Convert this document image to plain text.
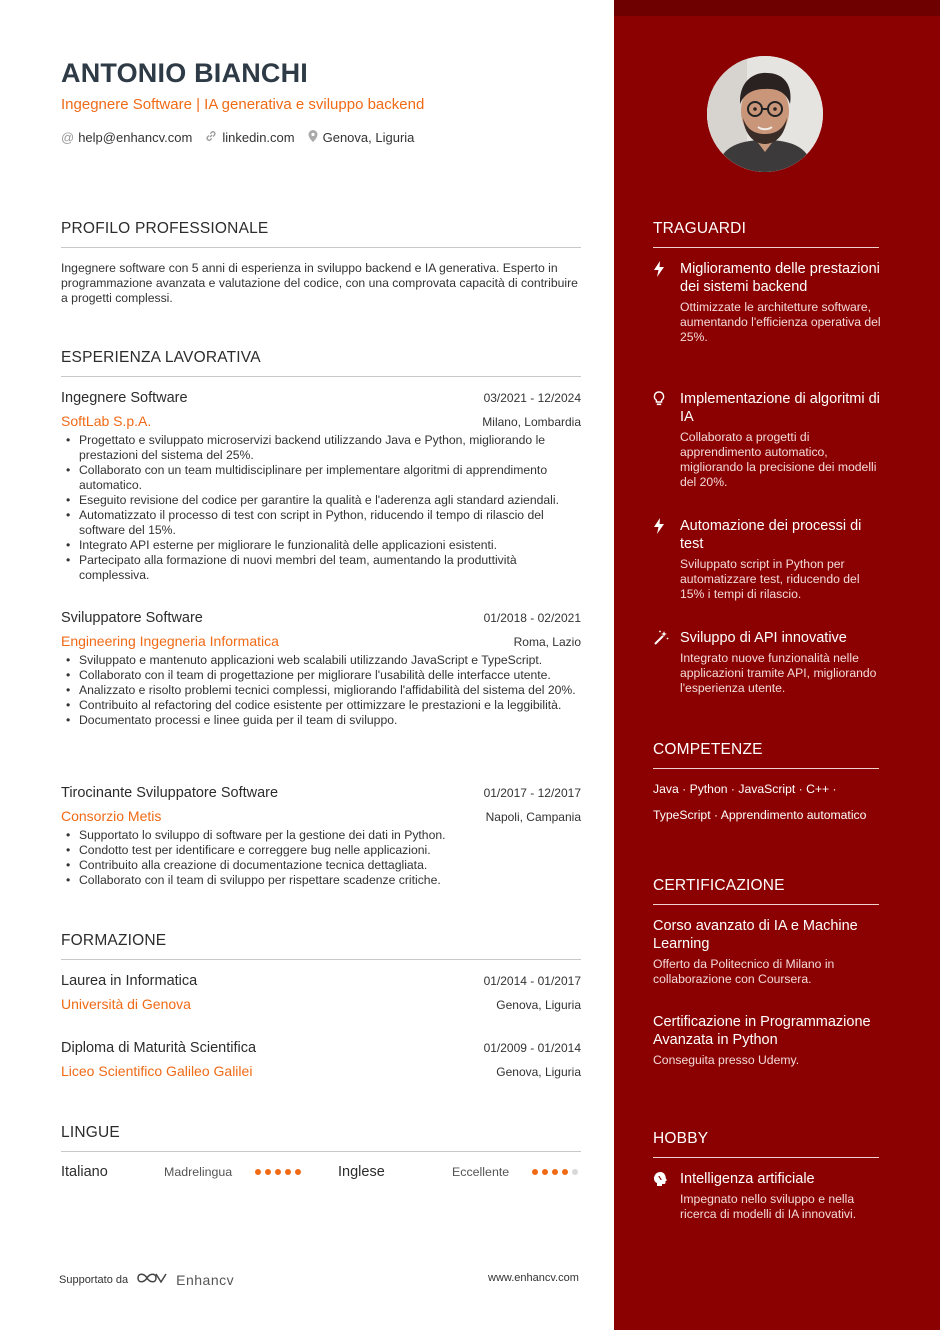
ANTONIO BIANCHI
Ingegnere Software | IA generativa e sviluppo backend
@ help@enhancv.com linkedin.com Genova, Liguria
PROFILO PROFESSIONALE
Ingegnere software con 5 anni di esperienza in sviluppo backend e IA generativa. Esperto in programmazione avanzata e valutazione del codice, con una comprovata capacità di contribuire a progetti complessi.
ESPERIENZA LAVORATIVA
Ingegnere Software	03/2021 - 12/2024
SoftLab S.p.A.	Milano, Lombardia
• Progettato e sviluppato microservizi backend utilizzando Java e Python, migliorando le prestazioni del sistema del 25%.
• Collaborato con un team multidisciplinare per implementare algoritmi di apprendimento automatico.
• Eseguito revisione del codice per garantire la qualità e l'aderenza agli standard aziendali.
• Automatizzato il processo di test con script in Python, riducendo il tempo di rilascio del software del 15%.
• Integrato API esterne per migliorare le funzionalità delle applicazioni esistenti.
• Partecipato alla formazione di nuovi membri del team, aumentando la produttività complessiva.
Sviluppatore Software	01/2018 - 02/2021
Engineering Ingegneria Informatica	Roma, Lazio
• Sviluppato e mantenuto applicazioni web scalabili utilizzando JavaScript e TypeScript.
• Collaborato con il team di progettazione per migliorare l'usabilità delle interfacce utente.
• Analizzato e risolto problemi tecnici complessi, migliorando l'affidabilità del sistema del 20%.
• Contribuito al refactoring del codice esistente per ottimizzare le prestazioni e la leggibilità.
• Documentato processi e linee guida per il team di sviluppo.
Tirocinante Sviluppatore Software	01/2017 - 12/2017
Consorzio Metis	Napoli, Campania
• Supportato lo sviluppo di software per la gestione dei dati in Python.
• Condotto test per identificare e correggere bug nelle applicazioni.
• Contribuito alla creazione di documentazione tecnica dettagliata.
• Collaborato con il team di sviluppo per rispettare scadenze critiche.
FORMAZIONE
Laurea in Informatica	01/2014 - 01/2017
Università di Genova	Genova, Liguria
Diploma di Maturità Scientifica	01/2009 - 01/2014
Liceo Scientifico Galileo Galilei	Genova, Liguria
LINGUE
Italiano	Madrelingua	Inglese	Eccellente
Supportato da	Enhancv	www.enhancv.com
TRAGUARDI
Miglioramento delle prestazioni dei sistemi backend
Ottimizzate le architetture software, aumentando l'efficienza operativa del 25%.
Implementazione di algoritmi di IA
Collaborato a progetti di apprendimento automatico, migliorando la precisione dei modelli del 20%.
Automazione dei processi di test
Sviluppato script in Python per automatizzare test, riducendo del 15% i tempi di rilascio.
Sviluppo di API innovative
Integrato nuove funzionalità nelle applicazioni tramite API, migliorando l'esperienza utente.
COMPETENZE
Java · Python · JavaScript · C++ ·
TypeScript · Apprendimento automatico
CERTIFICAZIONE
Corso avanzato di IA e Machine Learning
Offerto da Politecnico di Milano in collaborazione con Coursera.
Certificazione in Programmazione Avanzata in Python
Conseguita presso Udemy.
HOBBY
Intelligenza artificiale
Impegnato nello sviluppo e nella ricerca di modelli di IA innovativi.
